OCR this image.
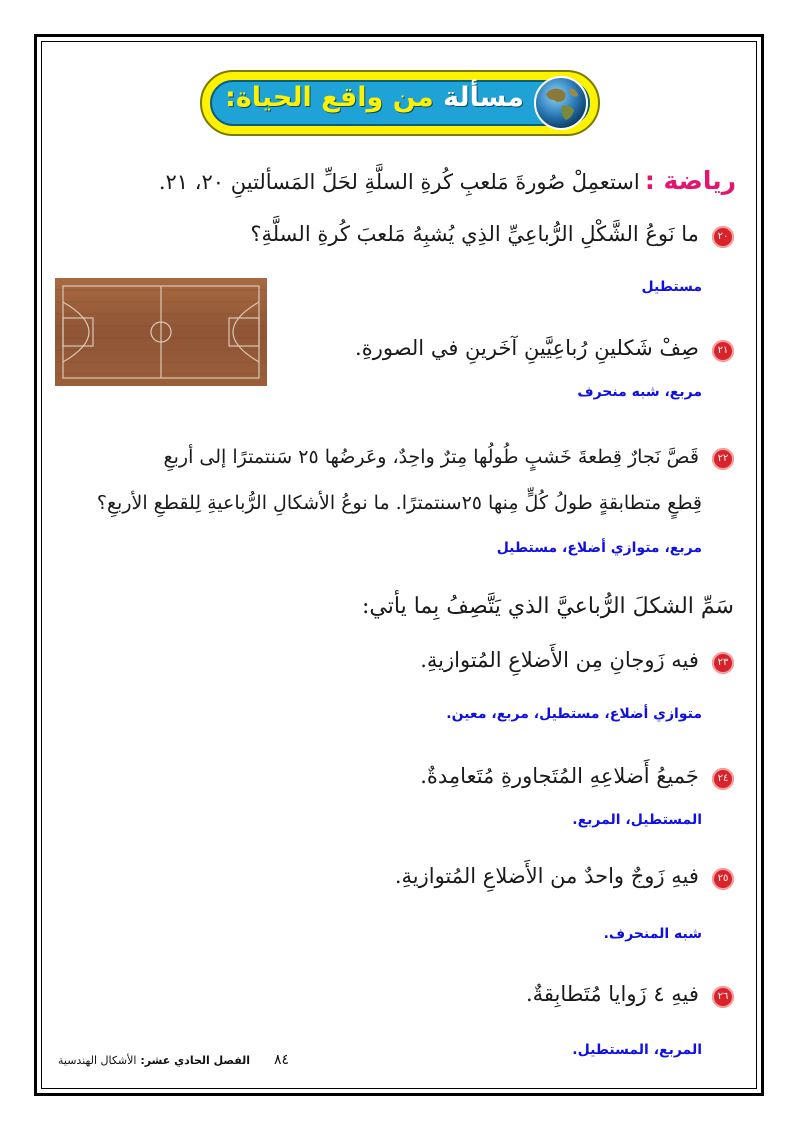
مسألة من واقع الحياة:
رياضة : استعمِلْ صُورةَ مَلعبِ كُرةِ السلَّةِ لحَلِّ المَسألتينِ ٢٠، ٢١.
٢٠ ما نَوعُ الشَّكْلِ الرُّباعِيِّ الذِي يُشبِهُ مَلعبَ كُرةِ السلَّةِ؟
مستطيل
٢١ صِفْ شَكلينِ رُباعِيَّينِ آخَرينِ في الصورةِ.
مربع، شبه منحرف
٢٢ قَصَّ نَجارٌ قِطعةَ خَشبٍ طُولُها مِترٌ واحِدٌ، وعَرضُها ٢٥ سَنتمترًا إلى أربعِ
قِطعٍ متطابقةٍ طولُ كُلٍّ مِنها ٢٥سنتمترًا. ما نوعُ الأشكالِ الرُّباعيةِ لِلقطعِ الأربعِ؟
مربع، متوازي أضلاع، مستطيل
سَمِّ الشكلَ الرُّباعيَّ الذي يَتَّصِفُ بِما يأتي:
٢٣ فيه زَوجانِ مِن الأَضلاعِ المُتوازيةِ.
متوازي أضلاع، مستطيل، مربع، معين.
٢٤ جَميعُ أَضلاعِهِ المُتَجاورةِ مُتَعامِدةٌ.
المستطيل، المربع.
٢٥ فيهِ زَوجٌ واحدٌ من الأَضلاعِ المُتوازيةِ.
شبه المنحرف.
٢٦ فيهِ ٤ زَوايا مُتَطابِقةٌ.
المربع، المستطيل.
٨٤ الفصل الحادي عشر: الأشكال الهندسية
